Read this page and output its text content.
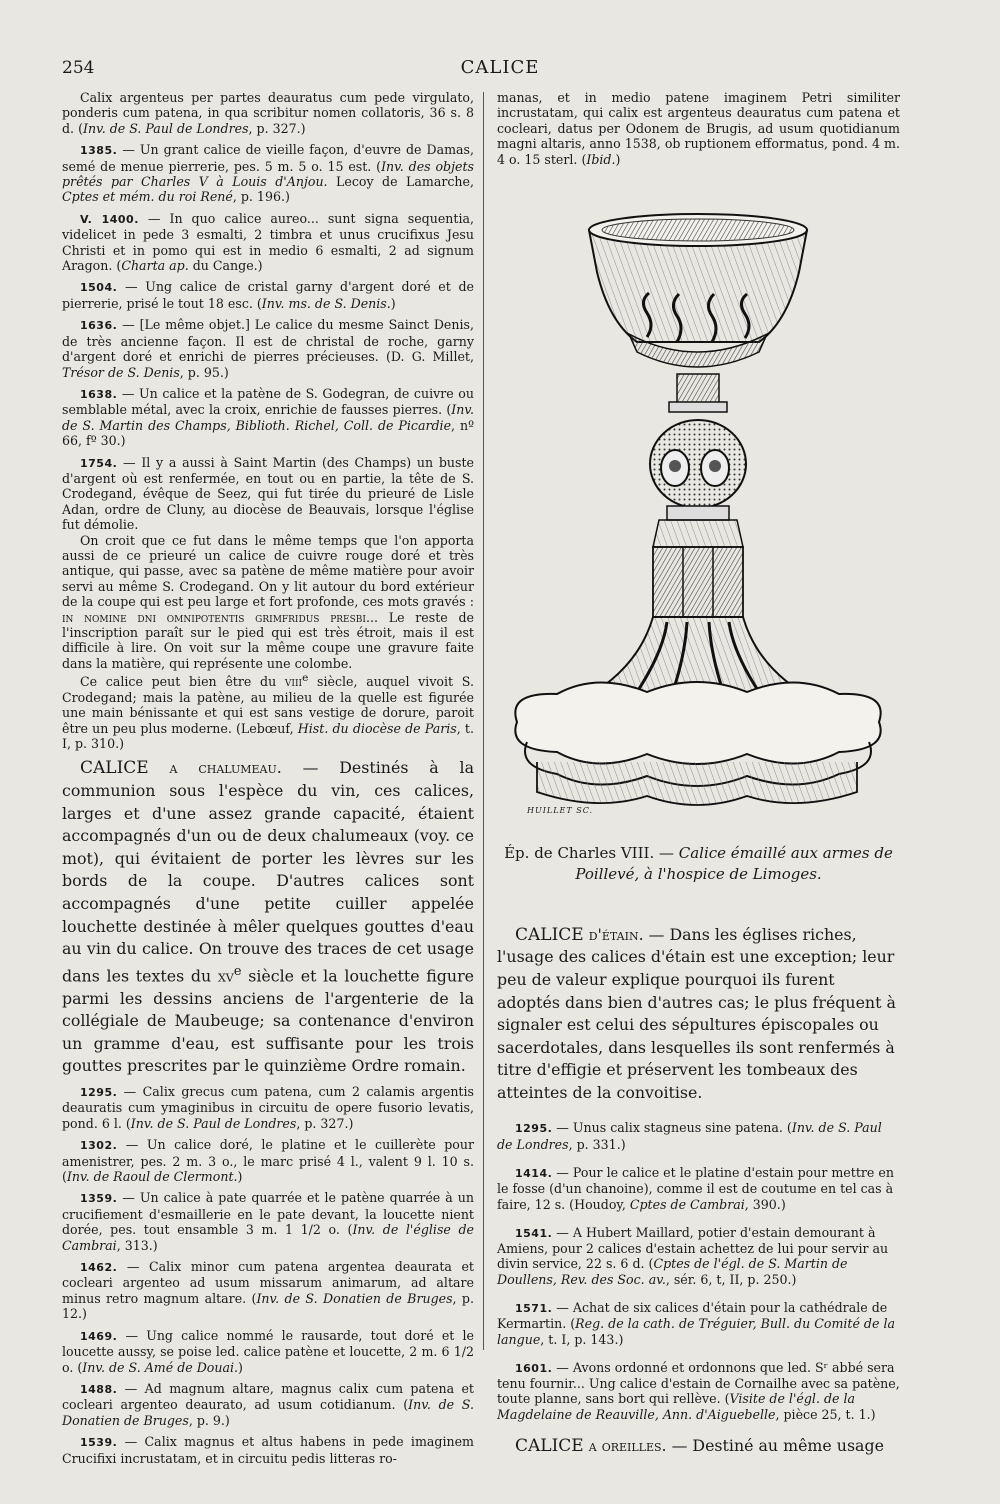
254	CALICE

Calix argenteus per partes deauratus cum pede virgulato, ponderis cum patena, in qua scribitur nomen collatoris, 36 s. 8 d. (Inv. de S. Paul de Londres, p. 327.)

1385. — Un grant calice de vieille façon, d'euvre de Damas, semé de menue pierrerie, pes. 5 m. 5 o. 15 est. (Inv. des objets prêtés par Charles V à Louis d'Anjou. Lecoy de Lamarche, Cptes et mém. du roi René, p. 196.)

V. 1400. — In quo calice aureo... sunt signa sequentia, videlicet in pede 3 esmalti, 2 timbra et unus crucifixus Jesu Christi et in pomo qui est in medio 6 esmalti, 2 ad signum Aragon. (Charta ap. du Cange.)

1504. — Ung calice de cristal garny d'argent doré et de pierrerie, prisé le tout 18 esc. (Inv. ms. de S. Denis.)

1636. — [Le même objet.] Le calice du mesme Sainct Denis, de très ancienne façon. Il est de christal de roche, garny d'argent doré et enrichi de pierres précieuses. (D. G. Millet, Trésor de S. Denis, p. 95.)

1638. — Un calice et la patène de S. Godegran, de cuivre ou semblable métal, avec la croix, enrichie de fausses pierres. (Inv. de S. Martin des Champs, Biblioth. Richel, Coll. de Picardie, nº 66, fº 30.)

1754. — Il y a aussi à Saint Martin (des Champs) un buste d'argent où est renfermée, en tout ou en partie, la tête de S. Crodegand, évêque de Seez, qui fut tirée du prieuré de Lisle Adan, ordre de Cluny, au diocèse de Beauvais, lorsque l'église fut démolie.

On croit que ce fut dans le même temps que l'on apporta aussi de ce prieuré un calice de cuivre rouge doré et très antique, qui passe, avec sa patène de même matière pour avoir servi au même S. Crodegand. On y lit autour du bord extérieur de la coupe qui est peu large et fort profonde, ces mots gravés : in nomine dni omnipotentis grimfridus presbi... Le reste de l'inscription paraît sur le pied qui est très étroit, mais il est difficile à lire. On voit sur la même coupe une gravure faite dans la matière, qui représente une colombe.

Ce calice peut bien être du viii$^e$ siècle, auquel vivoit S. Crodegand; mais la patène, au milieu de la quelle est figurée une main bénissante et qui est sans vestige de dorure, paroit être un peu plus moderne. (Lebœuf, Hist. du diocèse de Paris, t. I, p. 310.)

CALICE a chalumeau. — Destinés à la communion sous l'espèce du vin, ces calices, larges et d'une assez grande capacité, étaient accompagnés d'un ou de deux chalumeaux (voy. ce mot), qui évitaient de porter les lèvres sur les bords de la coupe. D'autres calices sont accompagnés d'une petite cuiller appelée louchette destinée à mêler quelques gouttes d'eau au vin du calice. On trouve des traces de cet usage dans les textes du $xv^e$ siècle et la louchette figure parmi les dessins anciens de l'argenterie de la collégiale de Maubeuge; sa contenance d'environ un gramme d'eau, est suffisante pour les trois gouttes prescrites par le quinzième Ordre romain.

1295. — Calix grecus cum patena, cum 2 calamis argentis deauratis cum ymaginibus in circuitu de opere fusorio levatis, pond. 6 l. (Inv. de S. Paul de Londres, p. 327.)

1302. — Un calice doré, le platine et le cuillerète pour amenistrer, pes. 2 m. 3 o., le marc prisé 4 l., valent 9 l. 10 s. (Inv. de Raoul de Clermont.)

1359. — Un calice à pate quarrée et le patène quarrée à un crucifiement d'esmaillerie en le pate devant, la loucette nient dorée, pes. tout ensamble 3 m. 1 1/2 o. (Inv. de l'église de Cambrai, 313.)

1462. — Calix minor cum patena argentea deaurata et cocleari argenteo ad usum missarum animarum, ad altare minus retro magnum altare. (Inv. de S. Donatien de Bruges, p. 12.)

1469. — Ung calice nommé le rausarde, tout doré et le loucette aussy, se poise led. calice patène et loucette, 2 m. 6 1/2 o. (Inv. de S. Amé de Douai.)

1488. — Ad magnum altare, magnus calix cum patena et cocleari argenteo deaurato, ad usum cotidianum. (Inv. de S. Donatien de Bruges, p. 9.)

1539. — Calix magnus et altus habens in pede imaginem Crucifixi incrustatam, et in circuitu pedis litteras ro-

manas, et in medio patene imaginem Petri similiter incrustatam, qui calix est argenteus deauratus cum patena et cocleari, datus per Odonem de Brugis, ad usum quotidianum magni altaris, anno 1538, ob ruptionem efformatus, pond. 4 m. 4 o. 15 sterl. (Ibid.)

HUILLET SC.
Ép. de Charles VIII. — Calice émaillé aux armes de Poillevé, à l'hospice de Limoges.

CALICE d'étain. — Dans les églises riches, l'usage des calices d'étain est une exception; leur peu de valeur explique pourquoi ils furent adoptés dans bien d'autres cas; le plus fréquent à signaler est celui des sépultures épiscopales ou sacerdotales, dans lesquelles ils sont renfermés à titre d'effigie et préservent les tombeaux des atteintes de la convoitise.

1295. — Unus calix stagneus sine patena. (Inv. de S. Paul de Londres, p. 331.)

1414. — Pour le calice et le platine d'estain pour mettre en le fosse (d'un chanoine), comme il est de coutume en tel cas à faire, 12 s. (Houdoy, Cptes de Cambrai, 390.)

1541. — A Hubert Maillard, potier d'estain demourant à Amiens, pour 2 calices d'estain achettez de lui pour servir au divin service, 22 s. 6 d. (Cptes de l'égl. de S. Martin de Doullens, Rev. des Soc. av., sér. 6, t, II, p. 250.)

1571. — Achat de six calices d'étain pour la cathédrale de Kermartin. (Reg. de la cath. de Tréguier, Bull. du Comité de la langue, t. I, p. 143.)

1601. — Avons ordonné et ordonnons que led. Sʳ abbé sera tenu fournir... Ung calice d'estain de Cornailhe avec sa patène, toute planne, sans bort qui rellève. (Visite de l'égl. de la Magdelaine de Reauville, Ann. d'Aiguebelle, pièce 25, t. 1.)

CALICE a oreilles. — Destiné au même usage
